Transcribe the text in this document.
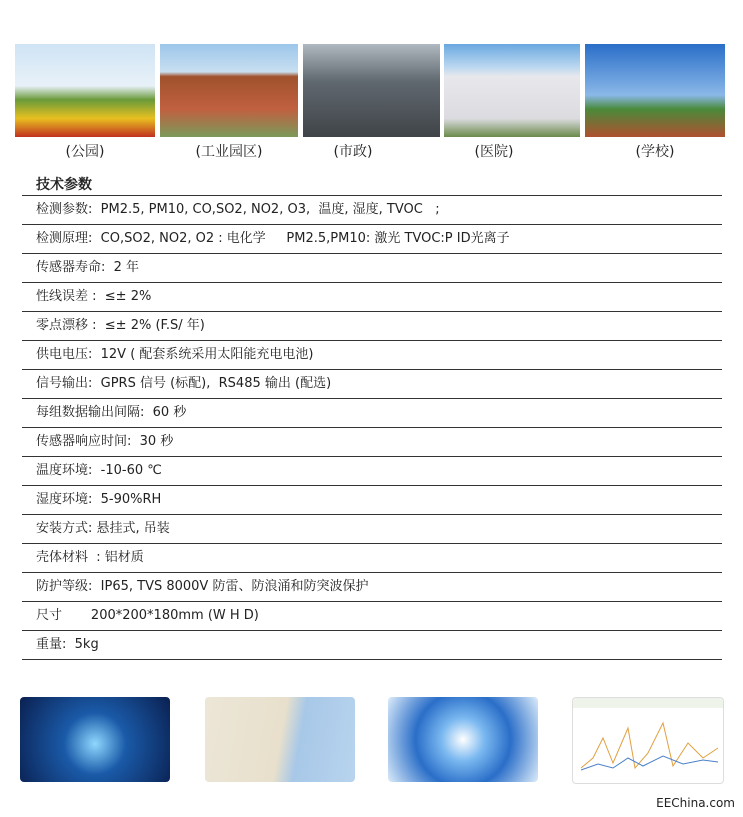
(公园)	(工业园区)	(市政)	(医院)	(学校)
技术参数
检测参数:  PM2.5, PM10, CO,SO2, NO2, O3,  温度, 湿度, TVOC   ;
检测原理:  CO,SO2, NO2, O2 : 电化学     PM2.5,PM10: 激光 TVOC:P ID光离子
传感器寿命:  2 年
性线误差 :  ≤± 2%
零点漂移 :  ≤± 2% (F.S/ 年)
供电电压:  12V ( 配套系统采用太阳能充电电池)
信号输出:  GPRS 信号 (标配),  RS485 输出 (配选)
每组数据输出间隔:  60 秒
传感器响应时间:  30 秒
温度环境:  -10-60 ℃
湿度环境:  5-90%RH
安装方式: 悬挂式, 吊装
壳体材料  : 铝材质
防护等级:  IP65, TVS 8000V 防雷、防浪涌和防突波保护
尺寸       200*200*180mm (W H D)
重量:  5kg
EEChina.com
